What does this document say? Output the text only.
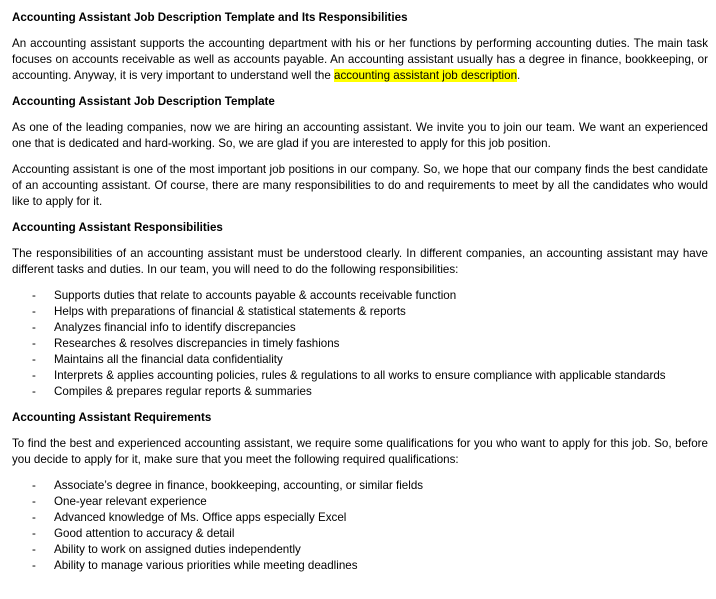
Accounting Assistant Job Description Template and Its Responsibilities

An accounting assistant supports the accounting department with his or her functions by performing accounting duties. The main task focuses on accounts receivable as well as accounts payable. An accounting assistant usually has a degree in finance, bookkeeping, or accounting. Anyway, it is very important to understand well the accounting assistant job description.

Accounting Assistant Job Description Template

As one of the leading companies, now we are hiring an accounting assistant. We invite you to join our team. We want an experienced one that is dedicated and hard-working. So, we are glad if you are interested to apply for this job position.

Accounting assistant is one of the most important job positions in our company. So, we hope that our company finds the best candidate of an accounting assistant. Of course, there are many responsibilities to do and requirements to meet by all the candidates who would like to apply for it.

Accounting Assistant Responsibilities

The responsibilities of an accounting assistant must be understood clearly. In different companies, an accounting assistant may have different tasks and duties. In our team, you will need to do the following responsibilities:

- Supports duties that relate to accounts payable & accounts receivable function
- Helps with preparations of financial & statistical statements & reports
- Analyzes financial info to identify discrepancies
- Researches & resolves discrepancies in timely fashions
- Maintains all the financial data confidentiality
- Interprets & applies accounting policies, rules & regulations to all works to ensure compliance with applicable standards
- Compiles & prepares regular reports & summaries
Accounting Assistant Requirements

To find the best and experienced accounting assistant, we require some qualifications for you who want to apply for this job. So, before you decide to apply for it, make sure that you meet the following required qualifications:

- Associate’s degree in finance, bookkeeping, accounting, or similar fields
- One-year relevant experience
- Advanced knowledge of Ms. Office apps especially Excel
- Good attention to accuracy & detail
- Ability to work on assigned duties independently
- Ability to manage various priorities while meeting deadlines
